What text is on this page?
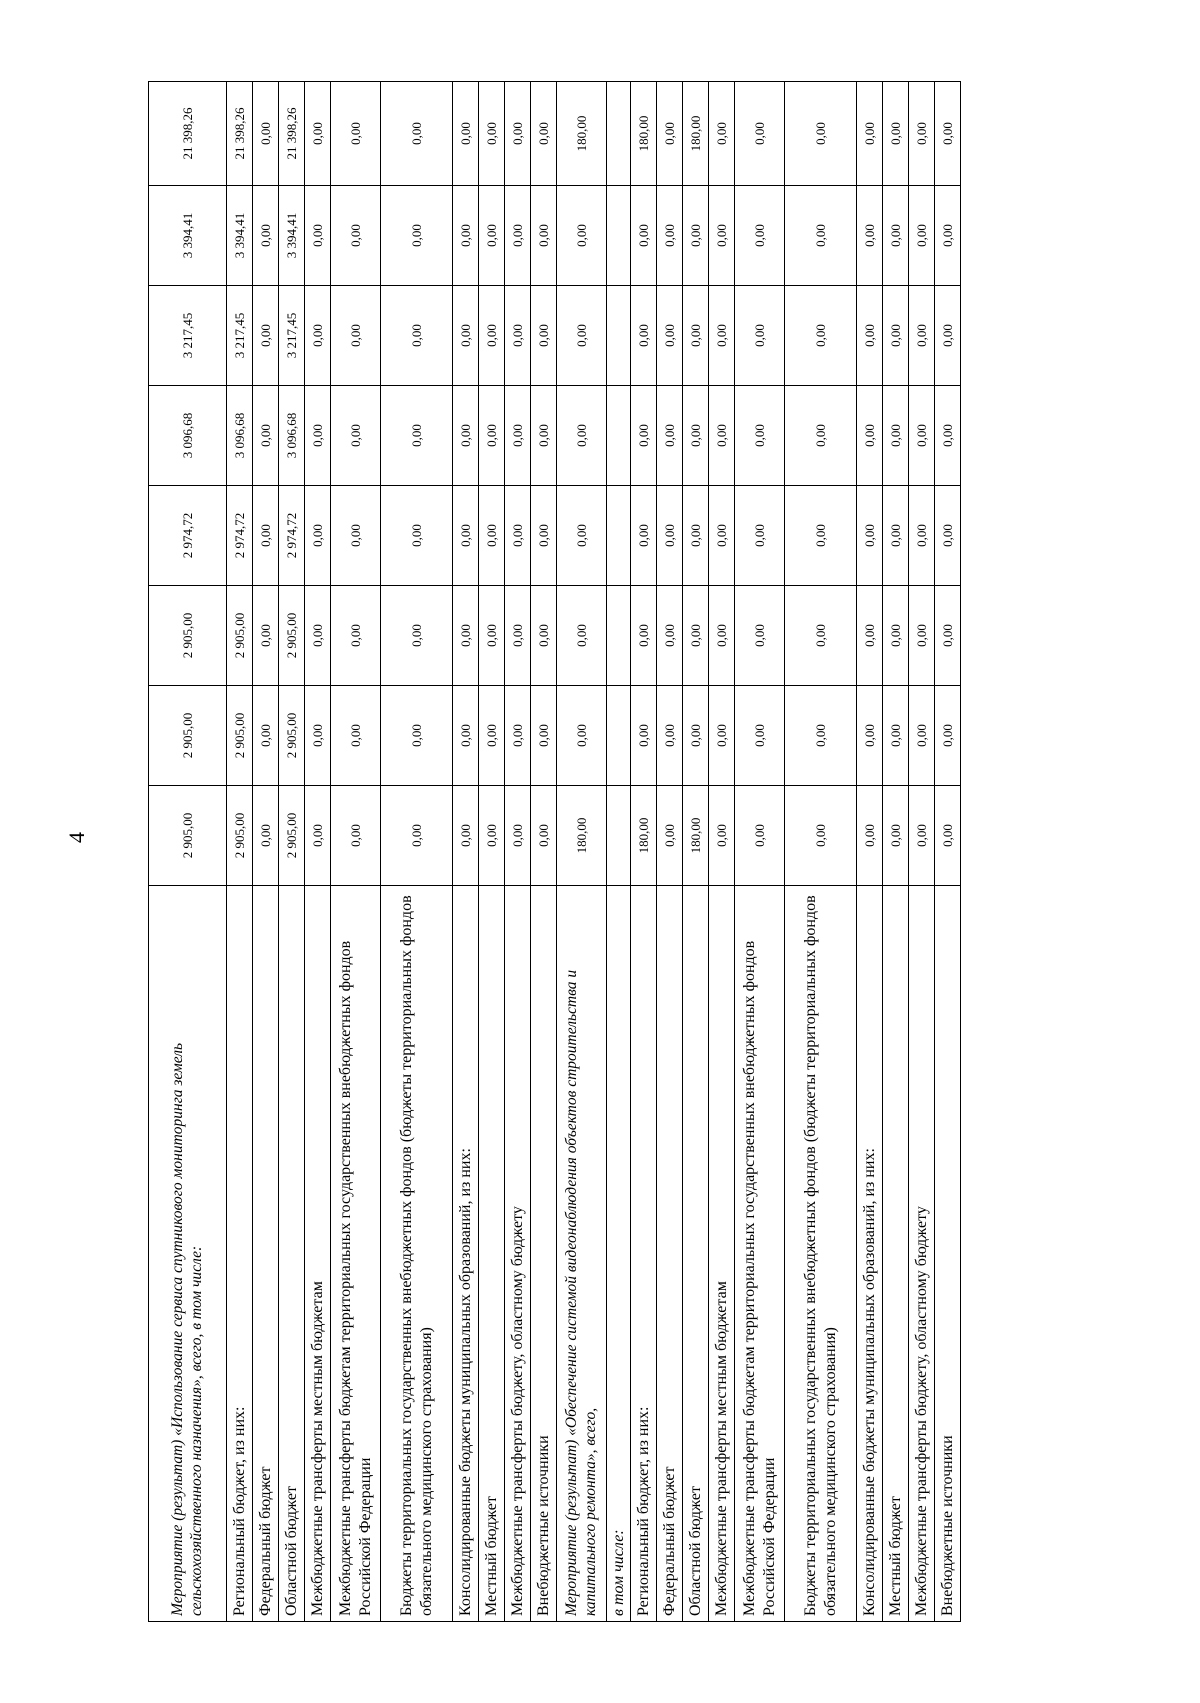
4
Мероприятие (результат) «Использование сервиса спутникового мониторинга земель сельскохозяйственного назначения», всего, в том числе:	2 905,00	2 905,00	2 905,00	2 974,72	3 096,68	3 217,45	3 394,41	21 398,26
Региональный бюджет, из них:	2 905,00	2 905,00	2 905,00	2 974,72	3 096,68	3 217,45	3 394,41	21 398,26
Федеральный бюджет	0,00	0,00	0,00	0,00	0,00	0,00	0,00	0,00
Областной бюджет	2 905,00	2 905,00	2 905,00	2 974,72	3 096,68	3 217,45	3 394,41	21 398,26
Межбюджетные трансферты местным бюджетам	0,00	0,00	0,00	0,00	0,00	0,00	0,00	0,00
Межбюджетные трансферты бюджетам территориальных государственных внебюджетных фондов Российской Федерации	0,00	0,00	0,00	0,00	0,00	0,00	0,00	0,00
Бюджеты территориальных государственных внебюджетных фондов (бюджеты территориальных фондов обязательного медицинского страхования)	0,00	0,00	0,00	0,00	0,00	0,00	0,00	0,00
Консолидированные бюджеты муниципальных образований, из них:	0,00	0,00	0,00	0,00	0,00	0,00	0,00	0,00
Местный бюджет	0,00	0,00	0,00	0,00	0,00	0,00	0,00	0,00
Межбюджетные трансферты бюджету, областному бюджету	0,00	0,00	0,00	0,00	0,00	0,00	0,00	0,00
Внебюджетные источники	0,00	0,00	0,00	0,00	0,00	0,00	0,00	0,00
Мероприятие (результат) «Обеспечение системой видеонаблюдения объектов строительства и капитального ремонта», всего,	180,00	0,00	0,00	0,00	0,00	0,00	0,00	180,00
в том числе:								
Региональный бюджет, из них:	180,00	0,00	0,00	0,00	0,00	0,00	0,00	180,00
Федеральный бюджет	0,00	0,00	0,00	0,00	0,00	0,00	0,00	0,00
Областной бюджет	180,00	0,00	0,00	0,00	0,00	0,00	0,00	180,00
Межбюджетные трансферты местным бюджетам	0,00	0,00	0,00	0,00	0,00	0,00	0,00	0,00
Межбюджетные трансферты бюджетам территориальных государственных внебюджетных фондов Российской Федерации	0,00	0,00	0,00	0,00	0,00	0,00	0,00	0,00
Бюджеты территориальных государственных внебюджетных фондов (бюджеты территориальных фондов обязательного медицинского страхования)	0,00	0,00	0,00	0,00	0,00	0,00	0,00	0,00
Консолидированные бюджеты муниципальных образований, из них:	0,00	0,00	0,00	0,00	0,00	0,00	0,00	0,00
Местный бюджет	0,00	0,00	0,00	0,00	0,00	0,00	0,00	0,00
Межбюджетные трансферты бюджету, областному бюджету	0,00	0,00	0,00	0,00	0,00	0,00	0,00	0,00
Внебюджетные источники	0,00	0,00	0,00	0,00	0,00	0,00	0,00	0,00
